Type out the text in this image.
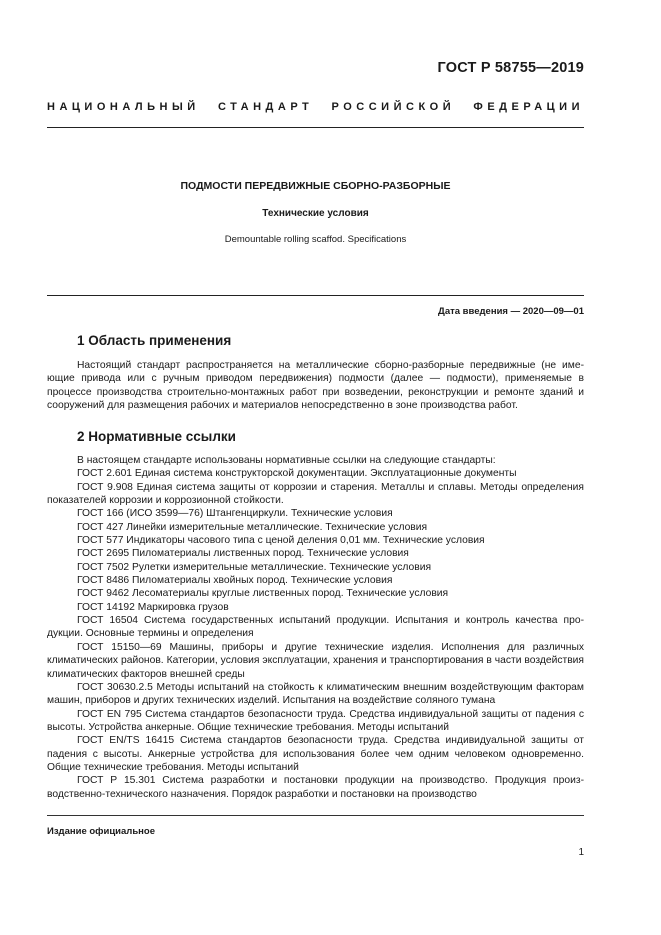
ГОСТ Р 58755—2019
НАЦИОНАЛЬНЫЙ СТАНДАРТ РОССИЙСКОЙ ФЕДЕРАЦИИ
ПОДМОСТИ ПЕРЕДВИЖНЫЕ СБОРНО-РАЗБОРНЫЕ
Технические условия
Demountable rolling scaffod. Specifications
Дата введения — 2020—09—01
1 Область применения

Настоящий стандарт распространяется на металлические сборно-разборные передвижные (не имеющие привода или с ручным приводом передвижения) подмости (далее — подмости), применяемые в процессе производства строительно-монтажных работ при возведении, реконструкции и ремонте зданий и сооружений для размещения рабочих и материалов непосредственно в зоне производства работ.

2 Нормативные ссылки

В настоящем стандарте использованы нормативные ссылки на следующие стандарты:

ГОСТ 2.601 Единая система конструкторской документации. Эксплуатационные документы

ГОСТ 9.908 Единая система защиты от коррозии и старения. Металлы и сплавы. Методы определения показателей коррозии и коррозионной стойкости.

ГОСТ 166 (ИСО 3599—76) Штангенциркули. Технические условия

ГОСТ 427 Линейки измерительные металлические. Технические условия

ГОСТ 577 Индикаторы часового типа с ценой деления 0,01 мм. Технические условия

ГОСТ 2695 Пиломатериалы лиственных пород. Технические условия

ГОСТ 7502 Рулетки измерительные металлические. Технические условия

ГОСТ 8486 Пиломатериалы хвойных пород. Технические условия

ГОСТ 9462 Лесоматериалы круглые лиственных пород. Технические условия

ГОСТ 14192 Маркировка грузов

ГОСТ 16504 Система государственных испытаний продукции. Испытания и контроль качества продукции. Основные термины и определения

ГОСТ 15150—69 Машины, приборы и другие технические изделия. Исполнения для различных климатических районов. Категории, условия эксплуатации, хранения и транспортирования в части воздействия климатических факторов внешней среды

ГОСТ 30630.2.5 Методы испытаний на стойкость к климатическим внешним воздействующим факторам машин, приборов и других технических изделий. Испытания на воздействие соляного тумана

ГОСТ EN 795 Система стандартов безопасности труда. Средства индивидуальной защиты от падения с высоты. Устройства анкерные. Общие технические требования. Методы испытаний

ГОСТ EN/TS 16415 Система стандартов безопасности труда. Средства индивидуальной защиты от падения с высоты. Анкерные устройства для использования более чем одним человеком одновременно. Общие технические требования. Методы испытаний

ГОСТ Р 15.301 Система разработки и постановки продукции на производство. Продукция производственно-технического назначения. Порядок разработки и постановки на производство

Издание официальное
1
